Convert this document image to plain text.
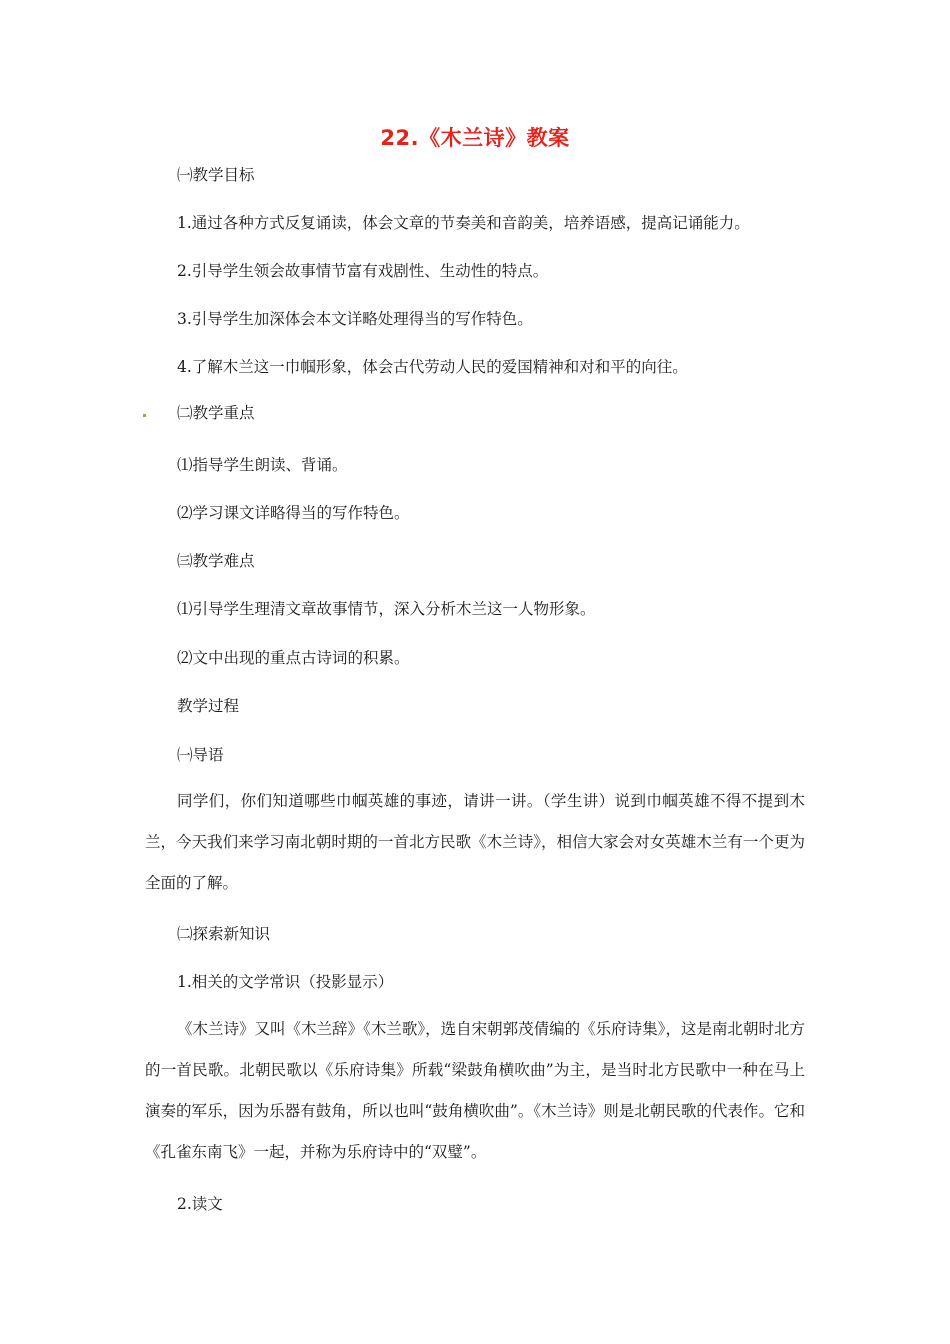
22.《木兰诗》教案
㈠教学目标
1.通过各种方式反复诵读，体会文章的节奏美和音韵美，培养语感，提高记诵能力。
2.引导学生领会故事情节富有戏剧性、生动性的特点。
3.引导学生加深体会本文详略处理得当的写作特色。
4.了解木兰这一巾帼形象，体会古代劳动人民的爱国精神和对和平的向往。
㈡教学重点
⑴指导学生朗读、背诵。
⑵学习课文详略得当的写作特色。
㈢教学难点
⑴引导学生理清文章故事情节，深入分析木兰这一人物形象。
⑵文中出现的重点古诗词的积累。
教学过程
㈠导语
同学们，你们知道哪些巾帼英雄的事迹，请讲一讲。（学生讲）说到巾帼英雄不得不提到木兰，今天我们来学习南北朝时期的一首北方民歌《木兰诗》，相信大家会对女英雄木兰有一个更为全面的了解。
㈡探索新知识
1.相关的文学常识（投影显示）
《木兰诗》又叫《木兰辞》《木兰歌》，选自宋朝郭茂倩编的《乐府诗集》，这是南北朝时北方的一首民歌。北朝民歌以《乐府诗集》所载“梁鼓角横吹曲”为主，是当时北方民歌中一种在马上演奏的军乐，因为乐器有鼓角，所以也叫“鼓角横吹曲”。《木兰诗》则是北朝民歌的代表作。它和《孔雀东南飞》一起，并称为乐府诗中的“双璧”。
2.读文
